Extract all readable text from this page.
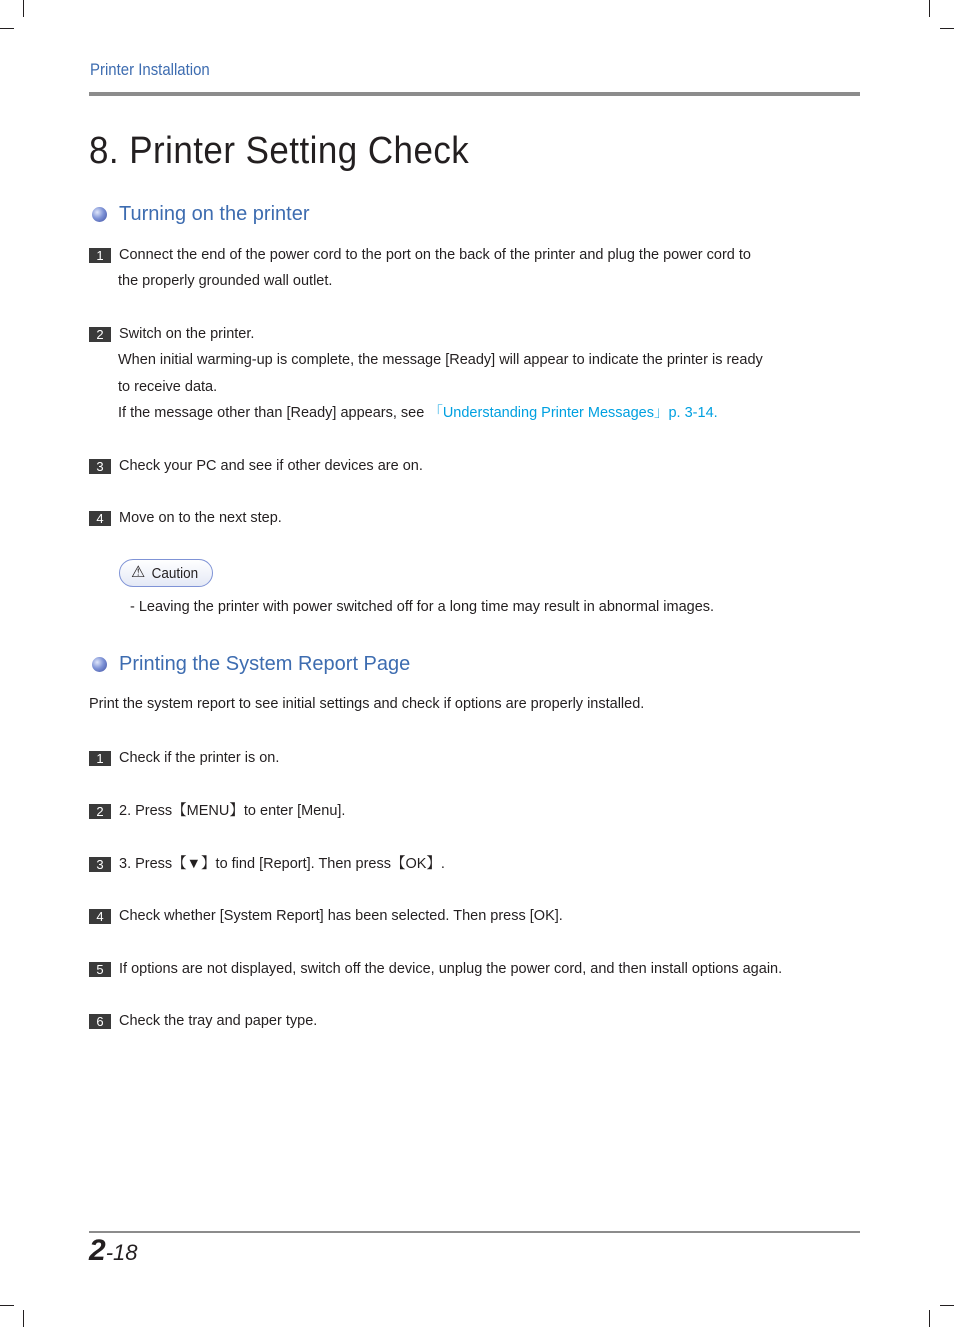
Printer Installation
8. Printer Setting Check
Turning on the printer
1	Connect the end of the power cord to the port on the back of the printer and plug the power cord to
the properly grounded wall outlet.
2	Switch on the printer.
When initial warming-up is complete, the message [Ready] will appear to indicate the printer is ready
to receive data.
If the message other than [Ready] appears, see 「Understanding Printer Messages」p. 3-14.
3	Check your PC and see if other devices are on.
4	Move on to the next step.
⚠ Caution
- Leaving the printer with power switched off for a long time may result in abnormal images.
Printing the System Report Page
Print the system report to see initial settings and check if options are properly installed.
1	Check if the printer is on.
2	2. Press【MENU】to enter [Menu].
3	3. Press【▼】to find [Report]. Then press【OK】.
4	Check whether [System Report] has been selected. Then press [OK].
5	If options are not displayed, switch off the device, unplug the power cord, and then install options again.
6	Check the tray and paper type.
2-18
